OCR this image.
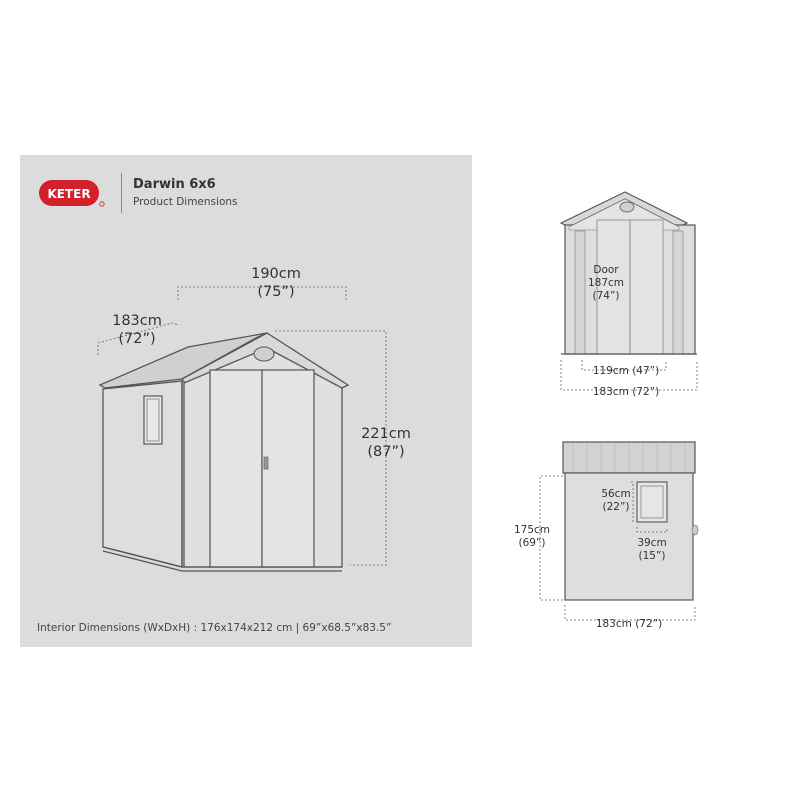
KETER
Darwin 6x6
Product Dimensions
190cm
(75”)
183cm
(72”)
221cm
(87”)
Interior Dimensions (WxDxH) : 176x174x212 cm | 69”x68.5”x83.5”
Door
187cm
(74”)
119cm (47”)
183cm (72”)
175cm
(69”)
56cm
(22”)
39cm
(15”)
183cm (72”)
